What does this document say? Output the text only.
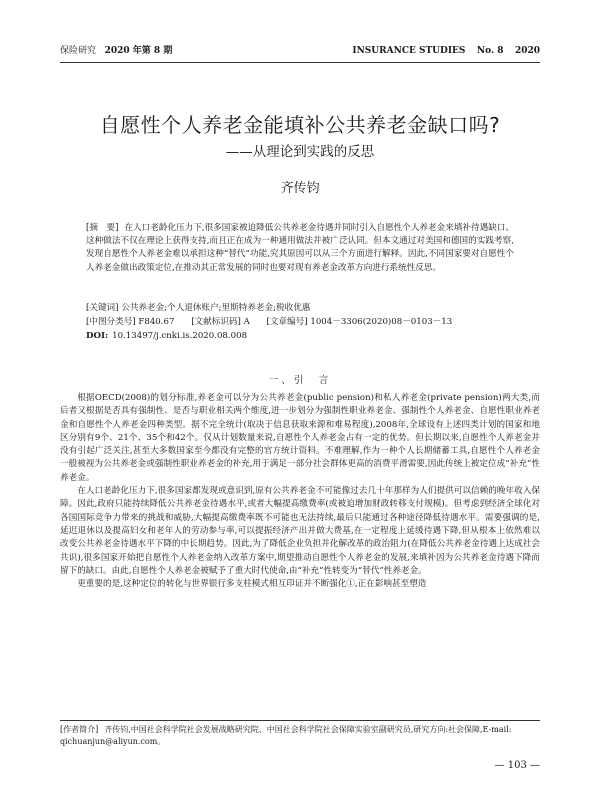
保险研究 2020 年第 8 期	INSURANCE STUDIES No. 8 2020
自愿性个人养老金能填补公共养老金缺口吗?
——从理论到实践的反思
齐传钧
[摘　要] 在人口老龄化压力下,很多国家被迫降低公共养老金待遇并同时引入自愿性个人养老金来填补待遇缺口。这种做法不仅在理论上获得支持,而且正在成为一种通用做法并被广泛认同。但本文通过对美国和德国的实践考察,发现自愿性个人养老金难以承担这种“替代”功能,究其原因可以从三个方面进行解释。因此,不同国家要对自愿性个人养老金做出政策定位,在推动其正常发展的同时也要对现有养老金改革方向进行系统性反思。
[关键词] 公共养老金;个人退休账户;里斯特养老金;税收优惠
[中图分类号] F840.67 [文献标识码] A [文章编号] 1004－3306(2020)08－0103－13
DOI: 10.13497/j.cnki.is.2020.08.008
一、引　言

根据OECD(2008)的划分标准,养老金可以分为公共养老金(public pension)和私人养老金(private pension)两大类,而后者又根据是否具有强制性、是否与职业相关两个维度,进一步划分为强制性职业养老金、强制性个人养老金、自愿性职业养老金和自愿性个人养老金四种类型。据不完全统计(取决于信息获取来源和难易程度),2008年,全球设有上述四类计划的国家和地区分别有9个、21个、35个和42个。仅从计划数量来说,自愿性个人养老金占有一定的优势。但长期以来,自愿性个人养老金并没有引起广泛关注,甚至大多数国家至今都没有完整的官方统计资料。不难理解,作为一种个人长期储蓄工具,自愿性个人养老金一般被视为公共养老金或强制性职业养老金的补充,用于满足一部分社会群体更高的消费平滑需要,因此传统上被定位成“补充”性养老金。

在人口老龄化压力下,很多国家都发现或意识到,原有公共养老金不可能像过去几十年那样为人们提供可以信赖的晚年收入保障。因此,政府只能持续降低公共养老金待遇水平,或者大幅提高缴费率(或被迫增加财政转移支付规模)。但考虑到经济全球化对各国国际竞争力带来的挑战和威胁,大幅提高缴费率既不可能也无法持续,最后只能通过各种途径降低待遇水平。需要强调的是,延迟退休以及提高妇女和老年人的劳动参与率,可以提振经济产出并做大费基,在一定程度上延缓待遇下降,但从根本上依然难以改变公共养老金待遇水平下降的中长期趋势。因此,为了降低企业负担并化解改革的政治阻力(在降低公共养老金待遇上达成社会共识),很多国家开始把自愿性个人养老金纳入改革方案中,期望推动自愿性个人养老金的发展,来填补因为公共养老金待遇下降而留下的缺口。由此,自愿性个人养老金被赋予了重大时代使命,由“补充”性转变为“替代”性养老金。

更重要的是,这种定位的转化与世界银行多支柱模式相互印证并不断强化①,正在影响甚至塑造

[作者简介] 齐传钧,中国社会科学院社会发展战略研究院、中国社会科学院社会保障实验室副研究员,研究方向:社会保障,E-mail: qichuanjun@aliyun.com。
— 103 —
